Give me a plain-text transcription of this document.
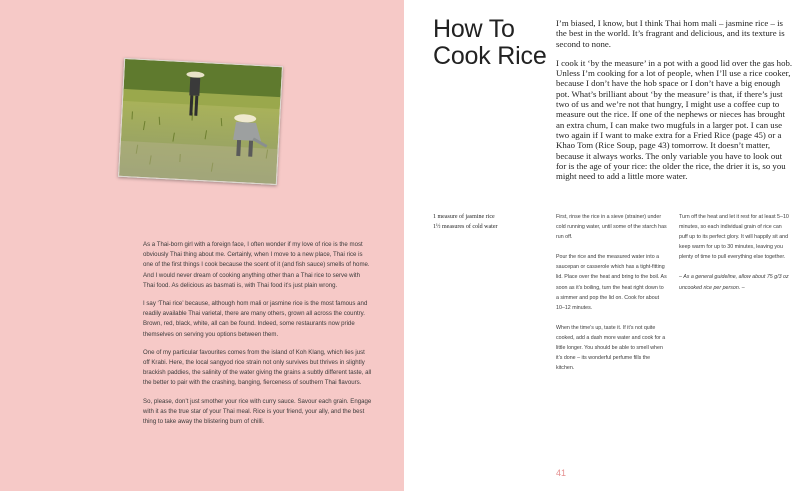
As a Thai-born girl with a foreign face, I often wonder if my love of rice is the most obviously Thai thing about me. Certainly, when I move to a new place, Thai rice is one of the first things I cook because the scent of it (and fish sauce) smells of home. And I would never dream of cooking anything other than a Thai rice to serve with Thai food. As delicious as basmati is, with Thai food it’s just plain wrong.

I say ‘Thai rice’ because, although hom mali or jasmine rice is the most famous and readily available Thai varietal, there are many others, grown all across the country. Brown, red, black, white, all can be found. Indeed, some restaurants now pride themselves on serving you options between them.

One of my particular favourites comes from the island of Koh Klang, which lies just off Krabi. Here, the local sangyod rice strain not only survives but thrives in slightly brackish paddies, the salinity of the water giving the grains a subtly different taste, all the better to pair with the crashing, banging, fierceness of southern Thai flavours.

So, please, don’t just smother your rice with curry sauce. Savour each grain. Engage with it as the true star of your Thai meal. Rice is your friend, your ally, and the best thing to take away the blistering burn of chilli.

How To
Cook Rice

I’m biased, I know, but I think Thai hom mali – jasmine rice – is the best in the world. It’s fragrant and delicious, and its texture is second to none.

I cook it ‘by the measure’ in a pot with a good lid over the gas hob. Unless I’m cooking for a lot of people, when I’ll use a rice cooker, because I don’t have the hob space or I don’t have a big enough pot. What’s brilliant about ‘by the measure’ is that, if there’s just two of us and we’re not that hungry, I might use a coffee cup to measure out the rice. If one of the nephews or nieces has brought an extra chum, I can make two mugfuls in a larger pot. I can use two again if I want to make extra for a Fried Rice (page 45) or a Khao Tom (Rice Soup, page 43) tomorrow. It doesn’t matter, because it always works. The only variable you have to look out for is the age of your rice: the older the rice, the drier it is, so you might need to add a little more water.

1 measure of jasmine rice
1½ measures of cold water

First, rinse the rice in a sieve (strainer) under cold running water, until some of the starch has run off.

Pour the rice and the measured water into a saucepan or casserole which has a tight-fitting lid. Place over the heat and bring to the boil. As soon as it’s boiling, turn the heat right down to a simmer and pop the lid on. Cook for about 10–12 minutes.

When the time’s up, taste it. If it’s not quite cooked, add a dash more water and cook for a little longer. You should be able to smell when it’s done – its wonderful perfume fills the kitchen.

Turn off the heat and let it rest for at least 5–10 minutes, so each individual grain of rice can puff up to its perfect glory. It will happily sit and keep warm for up to 30 minutes, leaving you plenty of time to pull everything else together.

– As a general guideline, allow about 75 g/3 oz uncooked rice per person. –

41
